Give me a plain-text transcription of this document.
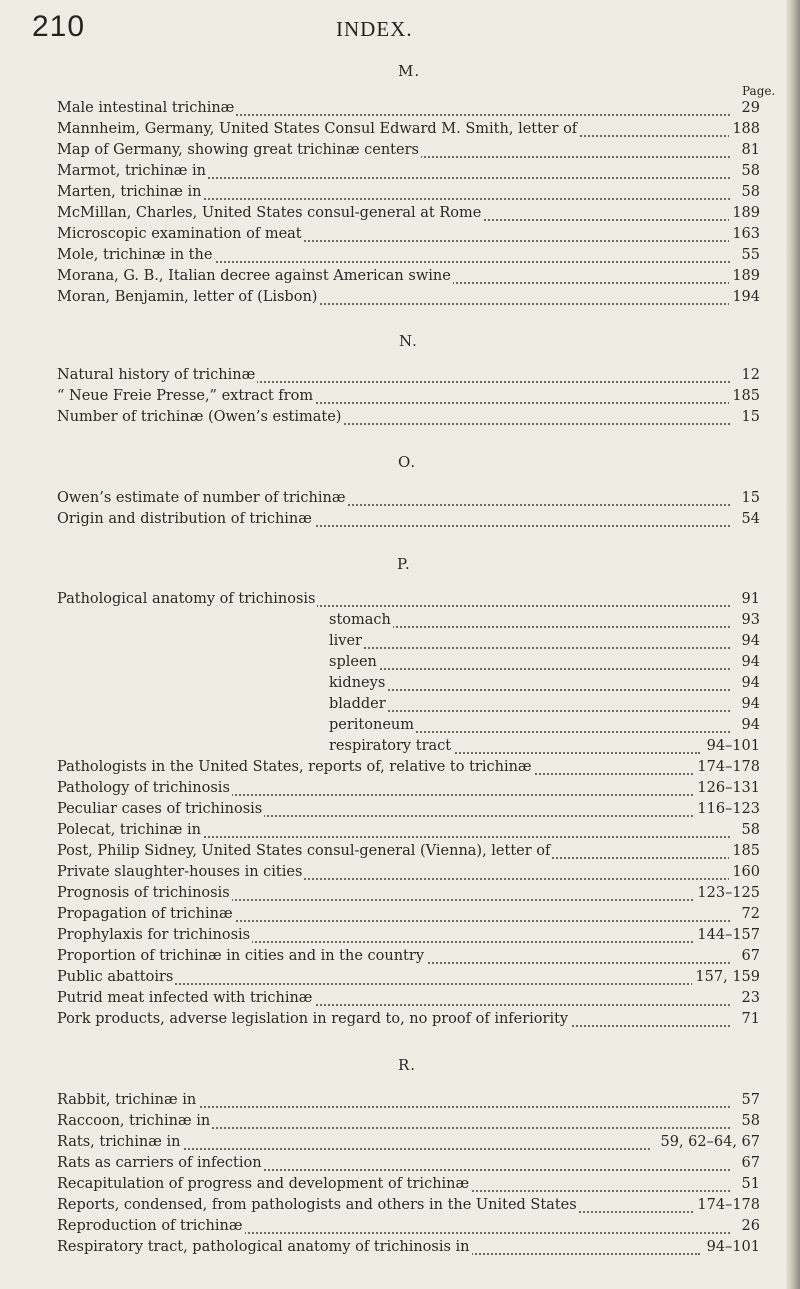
210	INDEX.
Page.
M.
Male intestinal trichinæ	29
Mannheim, Germany, United States Consul Edward M. Smith, letter of	188
Map of Germany, showing great trichinæ centers	81
Marmot, trichinæ in	58
Marten, trichinæ in	58
McMillan, Charles, United States consul-general at Rome	189
Microscopic examination of meat	163
Mole, trichinæ in the	55
Morana, G. B., Italian decree against American swine	189
Moran, Benjamin, letter of (Lisbon)	194
N.
Natural history of trichinæ	12
“ Neue Freie Presse,” extract from	185
Number of trichinæ (Owen’s estimate)	15
O.
Owen’s estimate of number of trichinæ	15
Origin and distribution of trichinæ	54
P.
Pathological anatomy of trichinosis	91
stomach	93
liver	94
spleen	94
kidneys	94
bladder	94
peritoneum	94
respiratory tract	94–101
Pathologists in the United States, reports of, relative to trichinæ	174–178
Pathology of trichinosis	126–131
Peculiar cases of trichinosis	116–123
Polecat, trichinæ in	58
Post, Philip Sidney, United States consul-general (Vienna), letter of	185
Private slaughter-houses in cities	160
Prognosis of trichinosis	123–125
Propagation of trichinæ	72
Prophylaxis for trichinosis	144–157
Proportion of trichinæ in cities and in the country	67
Public abattoirs	157, 159
Putrid meat infected with trichinæ	23
Pork products, adverse legislation in regard to, no proof of inferiority	71
R.
Rabbit, trichinæ in	57
Raccoon, trichinæ in	58
Rats, trichinæ in	59, 62–64, 67
Rats as carriers of infection	67
Recapitulation of progress and development of trichinæ	51
Reports, condensed, from pathologists and others in the United States	174–178
Reproduction of trichinæ	26
Respiratory tract, pathological anatomy of trichinosis in	94–101
